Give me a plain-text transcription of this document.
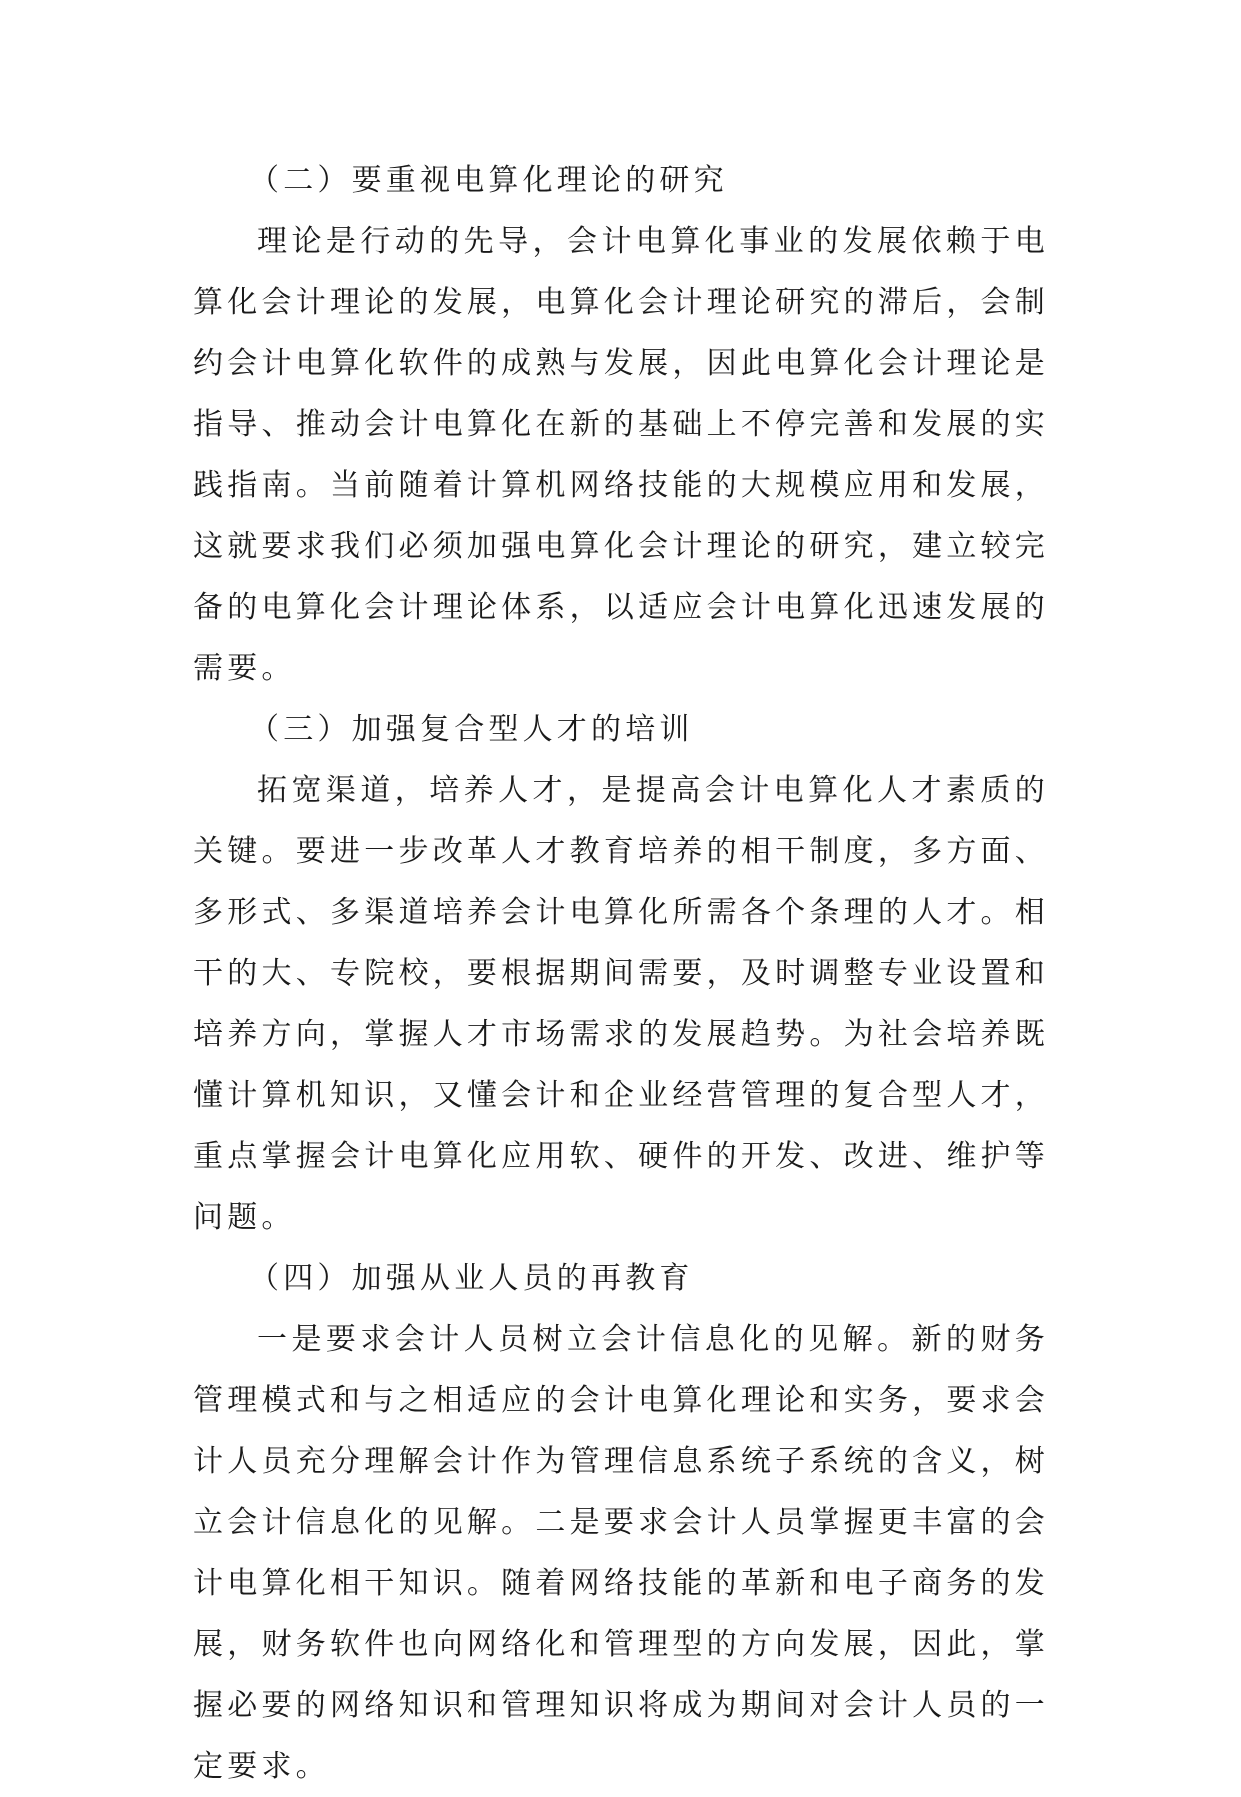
（二）要重视电算化理论的研究

理论是行动的先导，会计电算化事业的发展依赖于电算化会计理论的发展，电算化会计理论研究的滞后，会制约会计电算化软件的成熟与发展，因此电算化会计理论是指导、推动会计电算化在新的基础上不停完善和发展的实践指南。当前随着计算机网络技能的大规模应用和发展，这就要求我们必须加强电算化会计理论的研究，建立较完备的电算化会计理论体系，以适应会计电算化迅速发展的需要。

（三）加强复合型人才的培训

拓宽渠道，培养人才，是提高会计电算化人才素质的关键。要进一步改革人才教育培养的相干制度，多方面、多形式、多渠道培养会计电算化所需各个条理的人才。相干的大、专院校，要根据期间需要，及时调整专业设置和培养方向，掌握人才市场需求的发展趋势。为社会培养既懂计算机知识，又懂会计和企业经营管理的复合型人才，重点掌握会计电算化应用软、硬件的开发、改进、维护等问题。

（四）加强从业人员的再教育

一是要求会计人员树立会计信息化的见解。新的财务管理模式和与之相适应的会计电算化理论和实务，要求会计人员充分理解会计作为管理信息系统子系统的含义，树立会计信息化的见解。二是要求会计人员掌握更丰富的会计电算化相干知识。随着网络技能的革新和电子商务的发展，财务软件也向网络化和管理型的方向发展，因此，掌握必要的网络知识和管理知识将成为期间对会计人员的一定要求。
